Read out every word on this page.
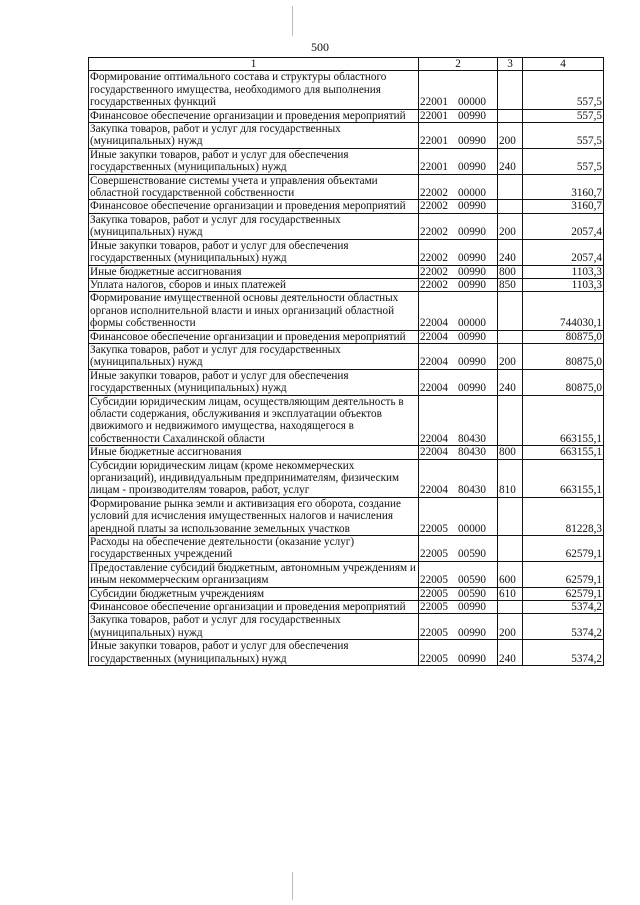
500
1	2	3	4
Формирование оптимального состава и структуры областного государственного имущества, необходимого для выполнения государственных функций	22001 00000		557,5
Финансовое обеспечение организации и проведения мероприятий	22001 00990		557,5
Закупка товаров, работ и услуг для государственных (муниципальных) нужд	22001 00990	200	557,5
Иные закупки товаров, работ и услуг для обеспечения государственных (муниципальных) нужд	22001 00990	240	557,5
Совершенствование системы учета и управления объектами областной государственной собственности	22002 00000		3160,7
Финансовое обеспечение организации и проведения мероприятий	22002 00990		3160,7
Закупка товаров, работ и услуг для государственных (муниципальных) нужд	22002 00990	200	2057,4
Иные закупки товаров, работ и услуг для обеспечения государственных (муниципальных) нужд	22002 00990	240	2057,4
Иные бюджетные ассигнования	22002 00990	800	1103,3
Уплата налогов, сборов и иных платежей	22002 00990	850	1103,3
Формирование имущественной основы деятельности областных органов исполнительной власти и иных организаций областной формы собственности	22004 00000		744030,1
Финансовое обеспечение организации и проведения мероприятий	22004 00990		80875,0
Закупка товаров, работ и услуг для государственных (муниципальных) нужд	22004 00990	200	80875,0
Иные закупки товаров, работ и услуг для обеспечения государственных (муниципальных) нужд	22004 00990	240	80875,0
Субсидии юридическим лицам, осуществляющим деятельность в области содержания, обслуживания и эксплуатации объектов движимого и недвижимого имущества, находящегося в собственности Сахалинской области	22004 80430		663155,1
Иные бюджетные ассигнования	22004 80430	800	663155,1
Субсидии юридическим лицам (кроме некоммерческих организаций), индивидуальным предпринимателям, физическим лицам - производителям товаров, работ, услуг	22004 80430	810	663155,1
Формирование рынка земли и активизация его оборота, создание условий для исчисления имущественных налогов и начисления арендной платы за использование земельных участков	22005 00000		81228,3
Расходы на обеспечение деятельности (оказание услуг) государственных учреждений	22005 00590		62579,1
Предоставление субсидий бюджетным, автономным учреждениям и иным некоммерческим организациям	22005 00590	600	62579,1
Субсидии бюджетным учреждениям	22005 00590	610	62579,1
Финансовое обеспечение организации и проведения мероприятий	22005 00990		5374,2
Закупка товаров, работ и услуг для государственных (муниципальных) нужд	22005 00990	200	5374,2
Иные закупки товаров, работ и услуг для обеспечения государственных (муниципальных) нужд	22005 00990	240	5374,2
